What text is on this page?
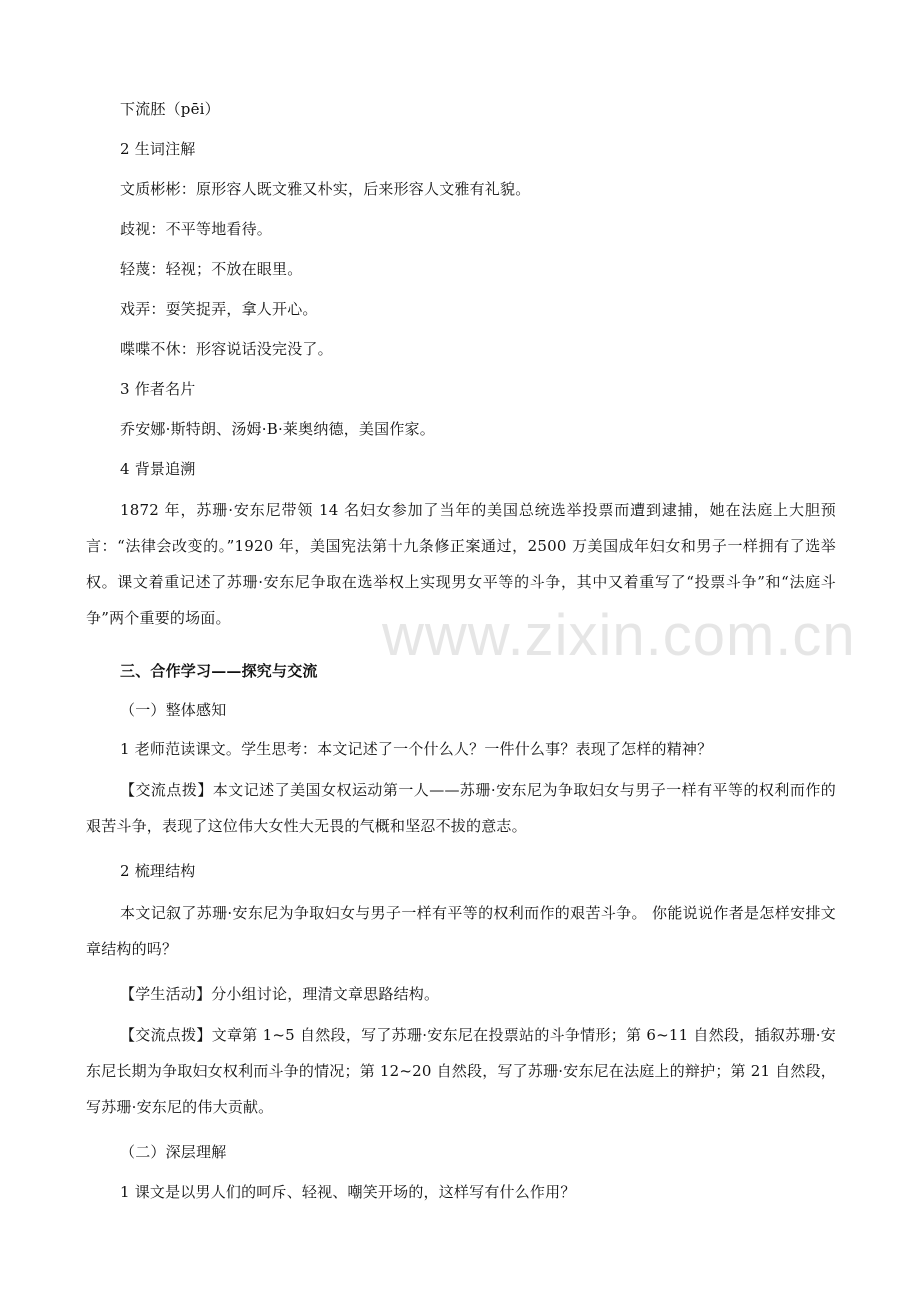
下流胚（pēi）
2 生词注解
文质彬彬：原形容人既文雅又朴实，后来形容人文雅有礼貌。
歧视：不平等地看待。
轻蔑：轻视；不放在眼里。
戏弄：耍笑捉弄，拿人开心。
喋喋不休：形容说话没完没了。
3 作者名片
乔安娜·斯特朗、汤姆·B·莱奥纳德，美国作家。
4 背景追溯
1872 年，苏珊·安东尼带领 14 名妇女参加了当年的美国总统选举投票而遭到逮捕，她在法庭上大胆预言：“法律会改变的。”1920 年，美国宪法第十九条修正案通过，2500 万美国成年妇女和男子一样拥有了选举权。课文着重记述了苏珊·安东尼争取在选举权上实现男女平等的斗争，其中又着重写了“投票斗争”和“法庭斗争”两个重要的场面。
三、合作学习——探究与交流
（一）整体感知
1 老师范读课文。学生思考：本文记述了一个什么人？一件什么事？表现了怎样的精神？
【交流点拨】本文记述了美国女权运动第一人——苏珊·安东尼为争取妇女与男子一样有平等的权利而作的艰苦斗争，表现了这位伟大女性大无畏的气概和坚忍不拔的意志。
2 梳理结构
本文记叙了苏珊·安东尼为争取妇女与男子一样有平等的权利而作的艰苦斗争。 你能说说作者是怎样安排文章结构的吗？
【学生活动】分小组讨论，理清文章思路结构。
【交流点拨】文章第 1~5 自然段，写了苏珊·安东尼在投票站的斗争情形；第 6~11 自然段，插叙苏珊·安东尼长期为争取妇女权利而斗争的情况；第 12~20 自然段，写了苏珊·安东尼在法庭上的辩护；第 21 自然段，写苏珊·安东尼的伟大贡献。
（二）深层理解
1 课文是以男人们的呵斥、轻视、嘲笑开场的，这样写有什么作用？
www.zixin.com.cn
